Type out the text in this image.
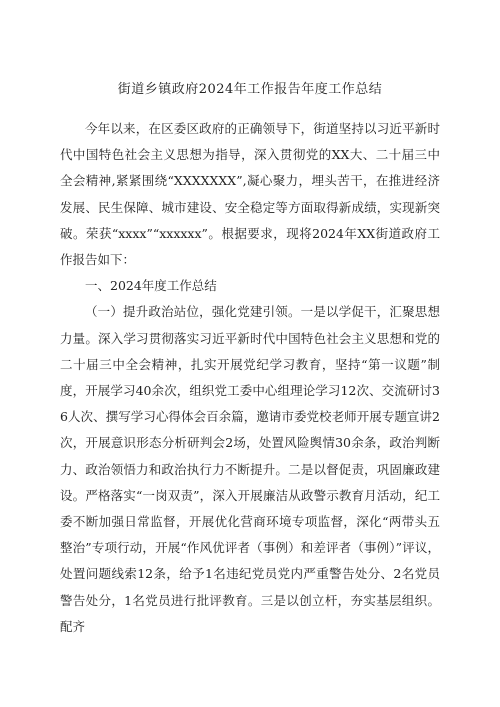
街道乡镇政府2024年工作报告年度工作总结

今年以来，在区委区政府的正确领导下，街道坚持以习近平新时代中国特色社会主义思想为指导，深入贯彻党的XX大、二十届三中全会精神,紧紧围绕“XXXXXXX”,凝心聚力，埋头苦干，在推进经济发展、民生保障、城市建设、安全稳定等方面取得新成绩，实现新突破。荣获“xxxx”“xxxxxx”。根据要求，现将2024年XX街道政府工作报告如下：

一、2024年度工作总结

（一）提升政治站位，强化党建引领。一是以学促干，汇聚思想力量。深入学习贯彻落实习近平新时代中国特色社会主义思想和党的二十届三中全会精神，扎实开展党纪学习教育，坚持“第一议题”制度，开展学习40余次，组织党工委中心组理论学习12次、交流研讨36人次、撰写学习心得体会百余篇，邀请市委党校老师开展专题宣讲2次，开展意识形态分析研判会2场，处置风险舆情30余条，政治判断力、政治领悟力和政治执行力不断提升。二是以督促责，巩固廉政建设。严格落实“一岗双责”，深入开展廉洁从政警示教育月活动，纪工委不断加强日常监督，开展优化营商环境专项监督，深化“两带头五整治”专项行动，开展“作风优评者（事例）和差评者（事例）”评议，处置问题线索12条，给予1名违纪党员党内严重警告处分、2名党员警告处分，1名党员进行批评教育。三是以创立杆，夯实基层组织。配齐
